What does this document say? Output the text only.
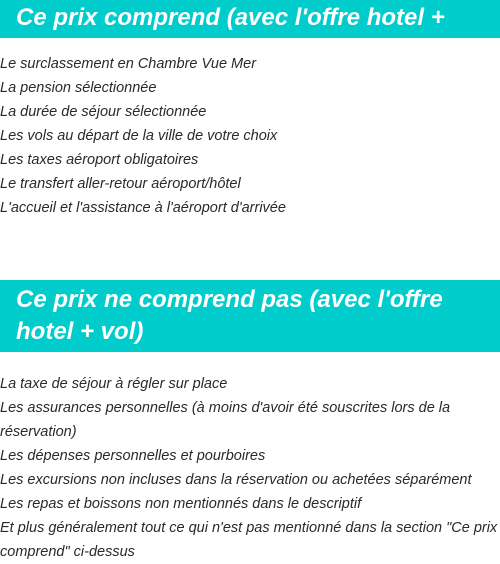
Ce prix comprend (avec l'offre hotel + vol)
Le surclassement en Chambre Vue Mer
La pension sélectionnée
La durée de séjour sélectionnée
Les vols au départ de la ville de votre choix
Les taxes aéroport obligatoires
Le transfert aller-retour aéroport/hôtel
L'accueil et l'assistance à l'aéroport d'arrivée
Ce prix ne comprend pas (avec l'offre hotel + vol)
La taxe de séjour à régler sur place
Les assurances personnelles (à moins d'avoir été souscrites lors de la réservation)
Les dépenses personnelles et pourboires
Les excursions non incluses dans la réservation ou achetées séparément
Les repas et boissons non mentionnés dans le descriptif
Et plus généralement tout ce qui n'est pas mentionné dans la section "Ce prix comprend" ci-dessus
